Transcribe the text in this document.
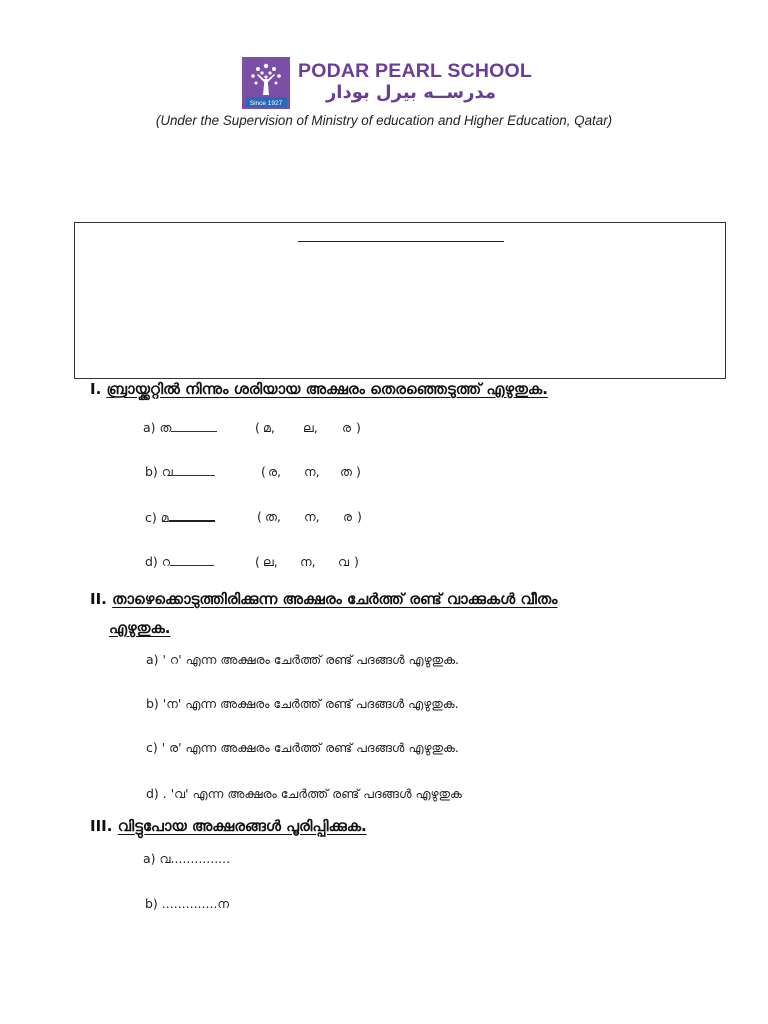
Since 1927
PODAR PEARL SCHOOL
مدرســه بيرل بودار
(Under the Supervision of Ministry of education and Higher Education, Qatar)
I. ബ്രായ്ക്കറ്റിൽ നിന്നും ശരിയായ അക്ഷരം തെരഞ്ഞെടുത്ത് എഴുതുക.
a) ത	( മ, ല, ര )
b) വ	( ര, ന, ത )
c) മ	( ത, ന, ര )
d) റ	( ല, ന, വ )
II. താഴെക്കൊടുത്തിരിക്കുന്ന അക്ഷരം ചേർത്ത് രണ്ട് വാക്കുകൾ വീതം
എഴുതുക.
a) ' റ' എന്ന അക്ഷരം ചേർത്ത് രണ്ട് പദങ്ങൾ എഴുതുക.
b) 'ന' എന്ന അക്ഷരം ചേർത്ത് രണ്ട് പദങ്ങൾ എഴുതുക.
c) ' ര' എന്ന അക്ഷരം ചേർത്ത് രണ്ട് പദങ്ങൾ എഴുതുക.
d) . 'വ' എന്ന അക്ഷരം ചേർത്ത് രണ്ട് പദങ്ങൾ എഴുതുക
III. വിട്ടുപോയ അക്ഷരങ്ങൾ പൂരിപ്പിക്കുക.
a) വ...............
b) ..............ന
